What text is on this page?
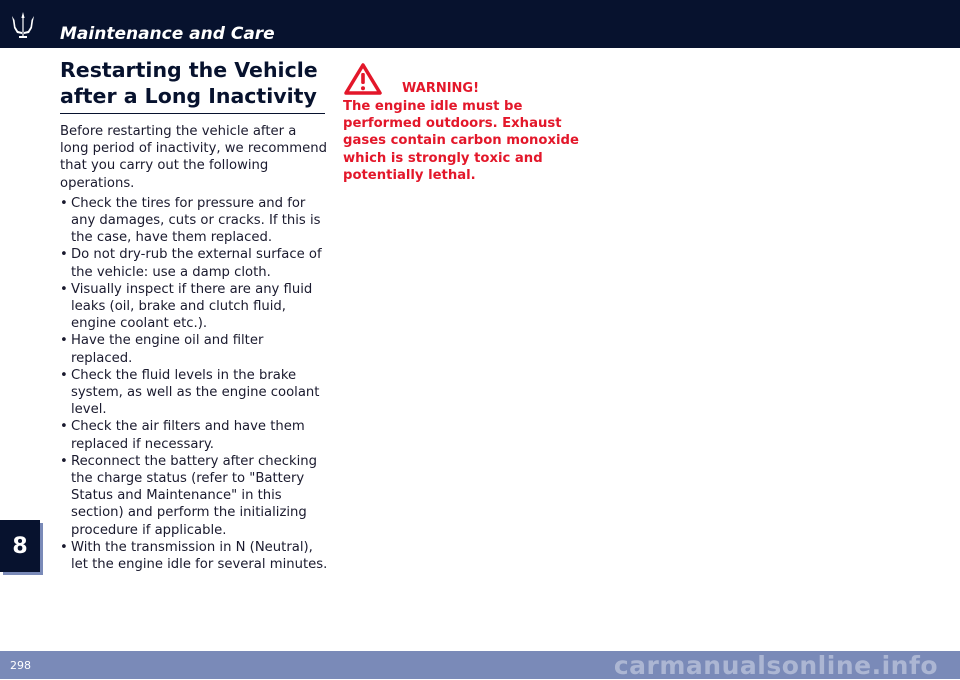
Maintenance and Care
Restarting the Vehicle
after a Long Inactivity

Before restarting the vehicle after a long period of inactivity, we recommend that you carry out the following operations.

• Check the tires for pressure and for any damages, cuts or cracks. If this is the case, have them replaced.
• Do not dry-rub the external surface of the vehicle: use a damp cloth.
• Visually inspect if there are any fluid leaks (oil, brake and clutch fluid, engine coolant etc.).
• Have the engine oil and filter replaced.
• Check the fluid levels in the brake system, as well as the engine coolant level.
• Check the air filters and have them replaced if necessary.
• Reconnect the battery after checking the charge status (refer to "Battery Status and Maintenance" in this section) and perform the initializing procedure if applicable.
• With the transmission in N (Neutral), let the engine idle for several minutes.
WARNING!

The engine idle must be performed outdoors. Exhaust gases contain carbon monoxide which is strongly toxic and potentially lethal.

8
298	carmanualsonline.info
